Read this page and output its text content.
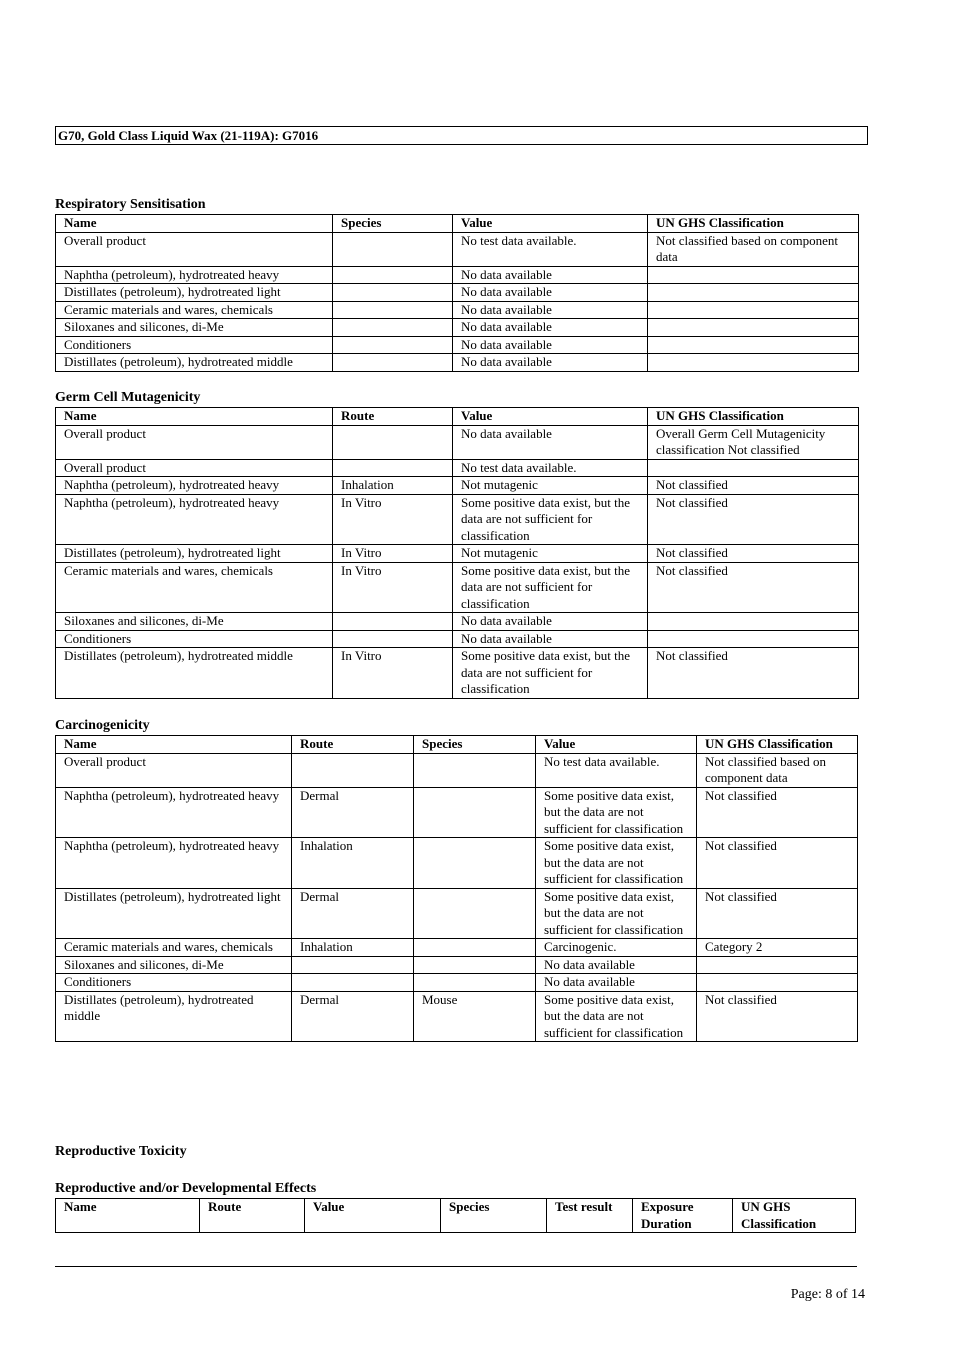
G70, Gold Class Liquid Wax (21-119A): G7016
Respiratory Sensitisation
Name	Species	Value	UN GHS Classification
Overall product		No test data available.	Not classified based on component data
Naphtha (petroleum), hydrotreated heavy		No data available	
Distillates (petroleum), hydrotreated light		No data available	
Ceramic materials and wares, chemicals		No data available	
Siloxanes and silicones, di-Me		No data available	
Conditioners		No data available	
Distillates (petroleum), hydrotreated middle		No data available	
Germ Cell Mutagenicity
Name	Route	Value	UN GHS Classification
Overall product		No data available	Overall Germ Cell Mutagenicity classification Not classified
Overall product		No test data available.	
Naphtha (petroleum), hydrotreated heavy	Inhalation	Not mutagenic	Not classified
Naphtha (petroleum), hydrotreated heavy	In Vitro	Some positive data exist, but the data are not sufficient for classification	Not classified
Distillates (petroleum), hydrotreated light	In Vitro	Not mutagenic	Not classified
Ceramic materials and wares, chemicals	In Vitro	Some positive data exist, but the data are not sufficient for classification	Not classified
Siloxanes and silicones, di-Me		No data available	
Conditioners		No data available	
Distillates (petroleum), hydrotreated middle	In Vitro	Some positive data exist, but the data are not sufficient for classification	Not classified
Carcinogenicity
Name	Route	Species	Value	UN GHS Classification
Overall product			No test data available.	Not classified based on component data
Naphtha (petroleum), hydrotreated heavy	Dermal		Some positive data exist, but the data are not sufficient for classification	Not classified
Naphtha (petroleum), hydrotreated heavy	Inhalation		Some positive data exist, but the data are not sufficient for classification	Not classified
Distillates (petroleum), hydrotreated light	Dermal		Some positive data exist, but the data are not sufficient for classification	Not classified
Ceramic materials and wares, chemicals	Inhalation		Carcinogenic.	Category 2
Siloxanes and silicones, di-Me			No data available	
Conditioners			No data available	
Distillates (petroleum), hydrotreated middle	Dermal	Mouse	Some positive data exist, but the data are not sufficient for classification	Not classified
Reproductive Toxicity
Reproductive and/or Developmental Effects
Name	Route	Value	Species	Test result	Exposure Duration	UN GHS Classification
Page: 8 of 14
